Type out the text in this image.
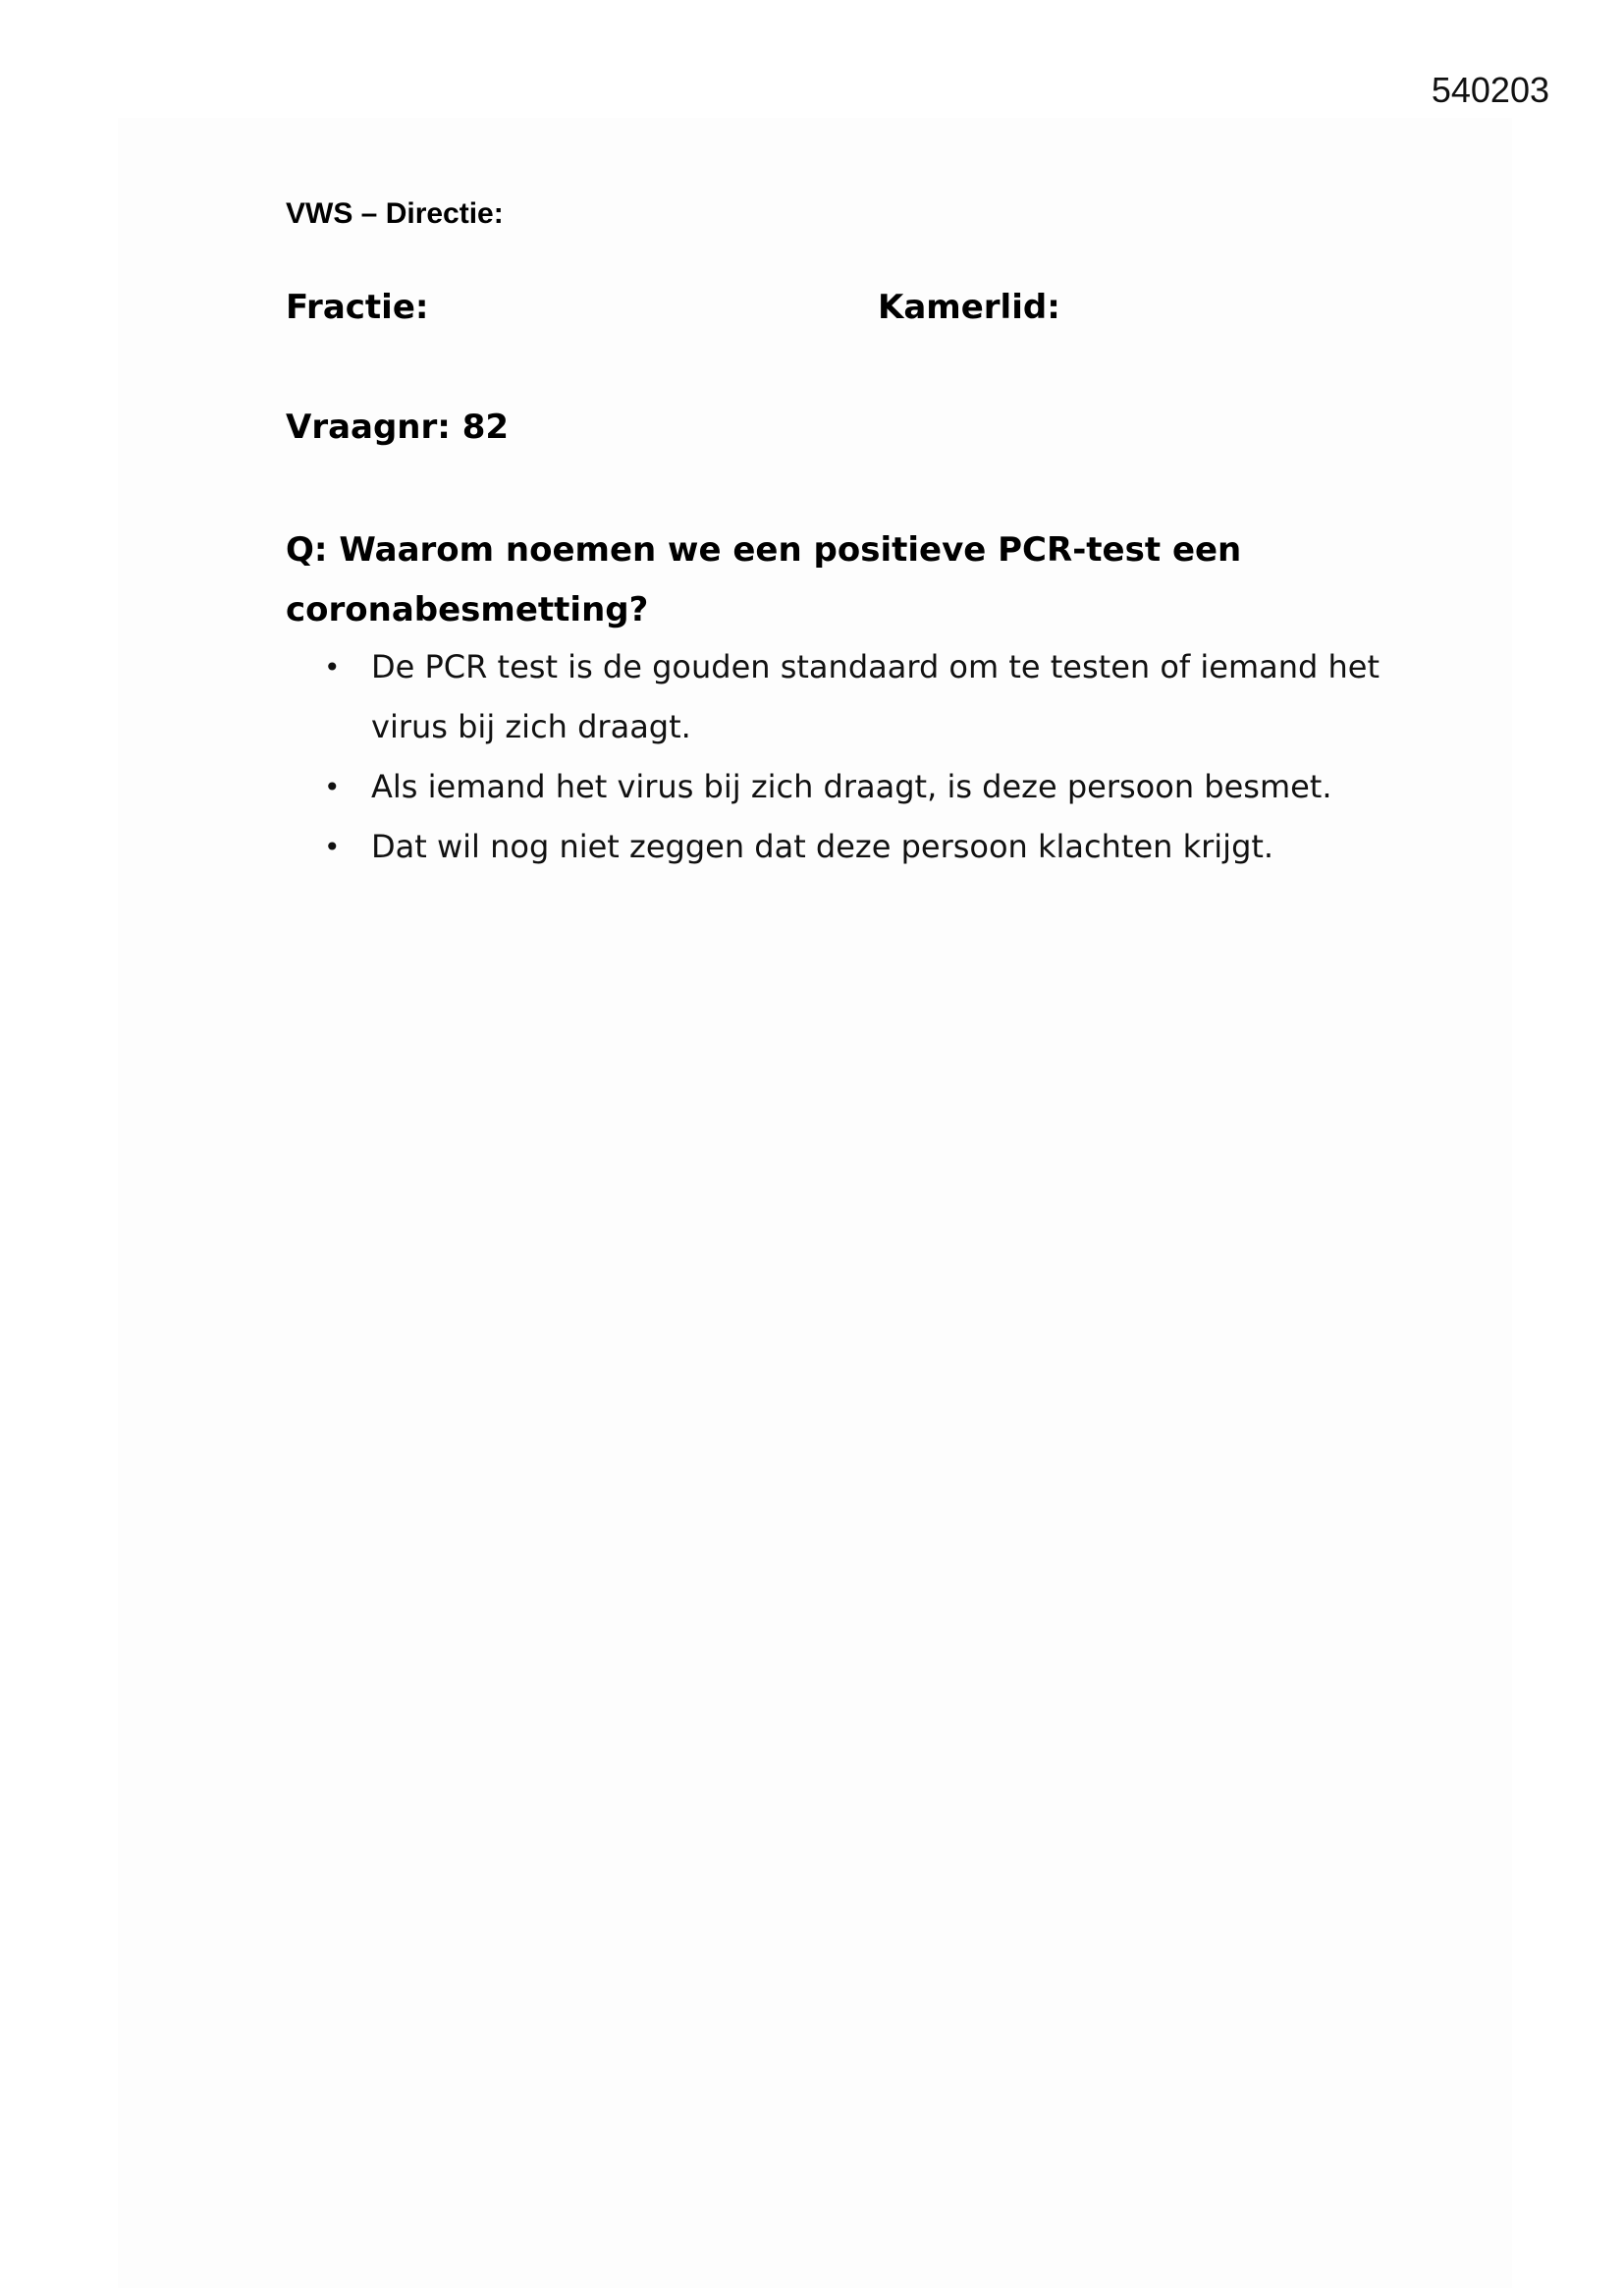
540203
VWS – Directie:
Fractie:	Kamerlid:
Vraagnr: 82

Q: Waarom noemen we een positieve PCR-test een coronabesmetting?

• De PCR test is de gouden standaard om te testen of iemand het virus bij zich draagt.
• Als iemand het virus bij zich draagt, is deze persoon besmet.
• Dat wil nog niet zeggen dat deze persoon klachten krijgt.
